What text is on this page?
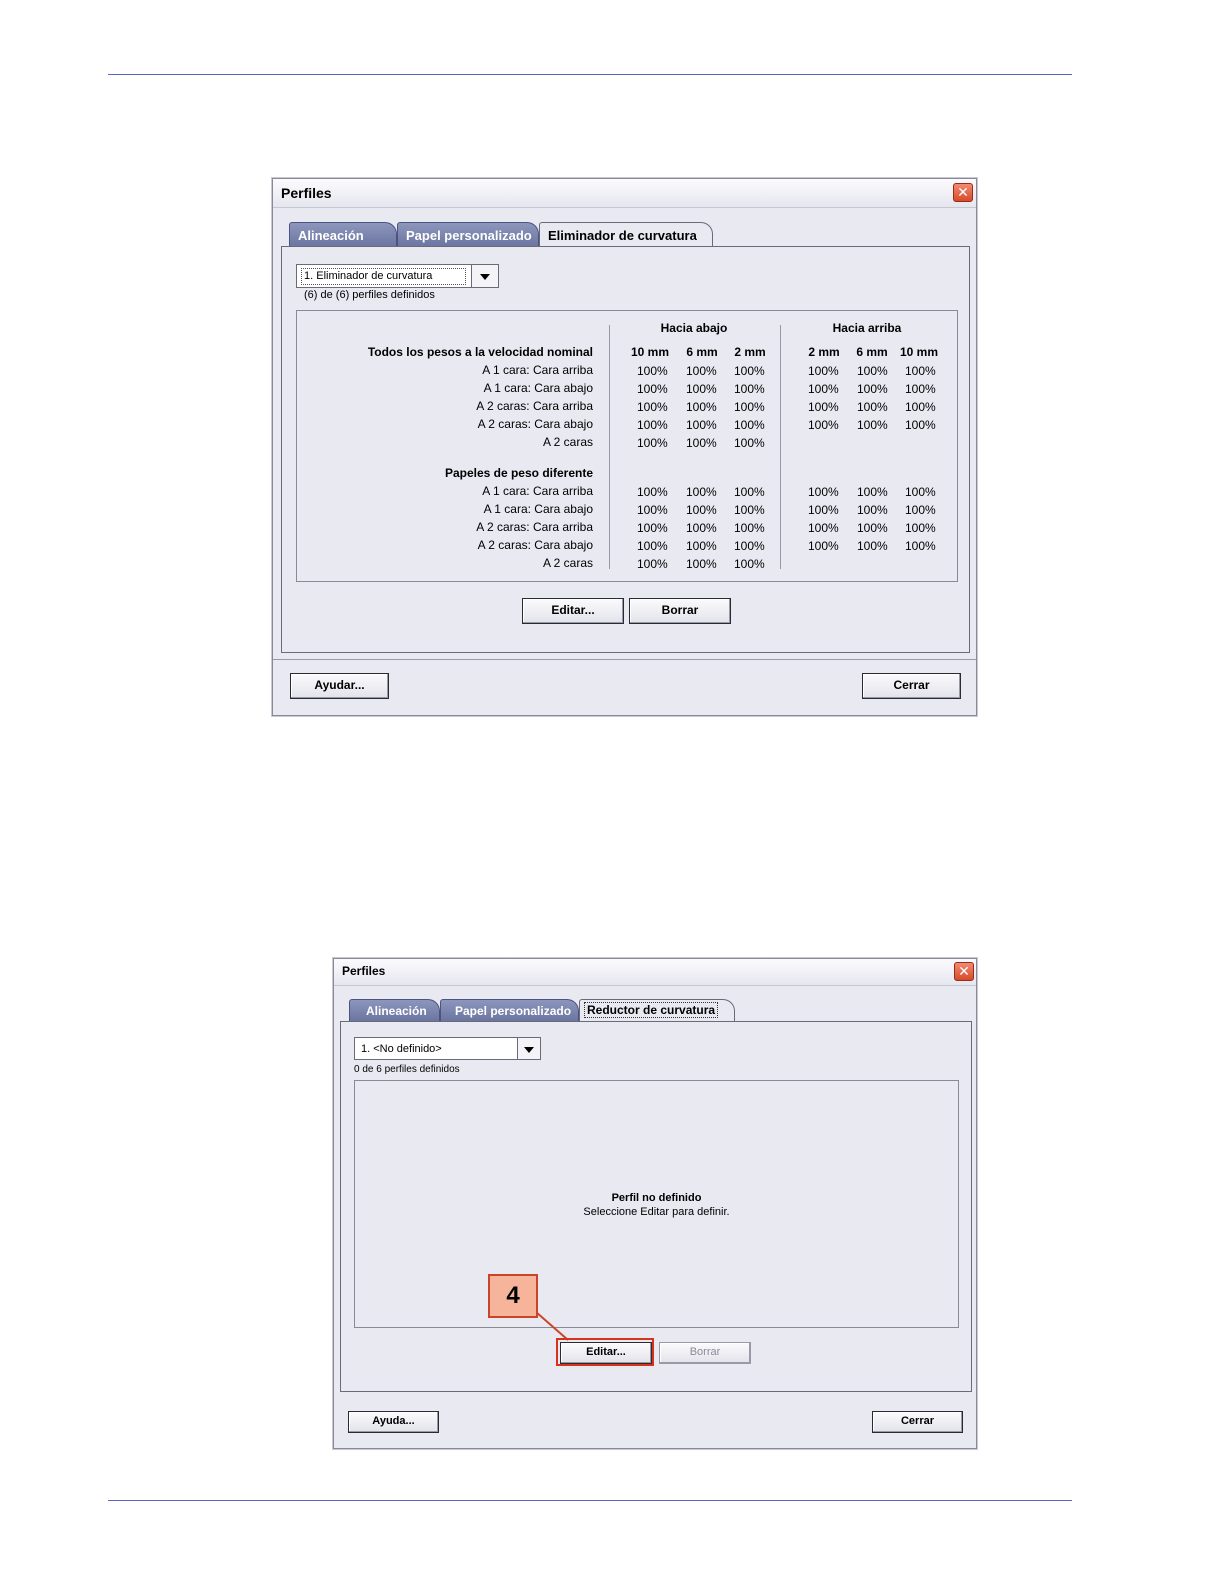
Perfiles	✕
Alineación	Papel personalizado	Eliminador de curvatura
1. Eliminador de curvatura
(6) de (6) perfiles definidos
Hacia abajo	Hacia arriba
Todos los pesos a la velocidad nominal	10 mm	6 mm	2 mm	2 mm	6 mm	10 mm
A 1 cara: Cara arriba	100% 100% 100%	100% 100% 100%
A 1 cara: Cara abajo	100% 100% 100%	100% 100% 100%
A 2 caras: Cara arriba	100% 100% 100%	100% 100% 100%
A 2 caras: Cara abajo	100% 100% 100%	100% 100% 100%
A 2 caras	100% 100% 100%
Papeles de peso diferente
A 1 cara: Cara arriba	100% 100% 100%	100% 100% 100%
A 1 cara: Cara abajo	100% 100% 100%	100% 100% 100%
A 2 caras: Cara arriba	100% 100% 100%	100% 100% 100%
A 2 caras: Cara abajo	100% 100% 100%	100% 100% 100%
A 2 caras	100% 100% 100%
Editar...	Borrar
Ayudar...	Cerrar
Perfiles	✕
Alineación	Papel personalizado	Reductor de curvatura
1. <No definido>
0 de 6 perfiles definidos
Perfil no definido
Seleccione Editar para definir.
Editar...	Borrar
Ayuda...	Cerrar
4
